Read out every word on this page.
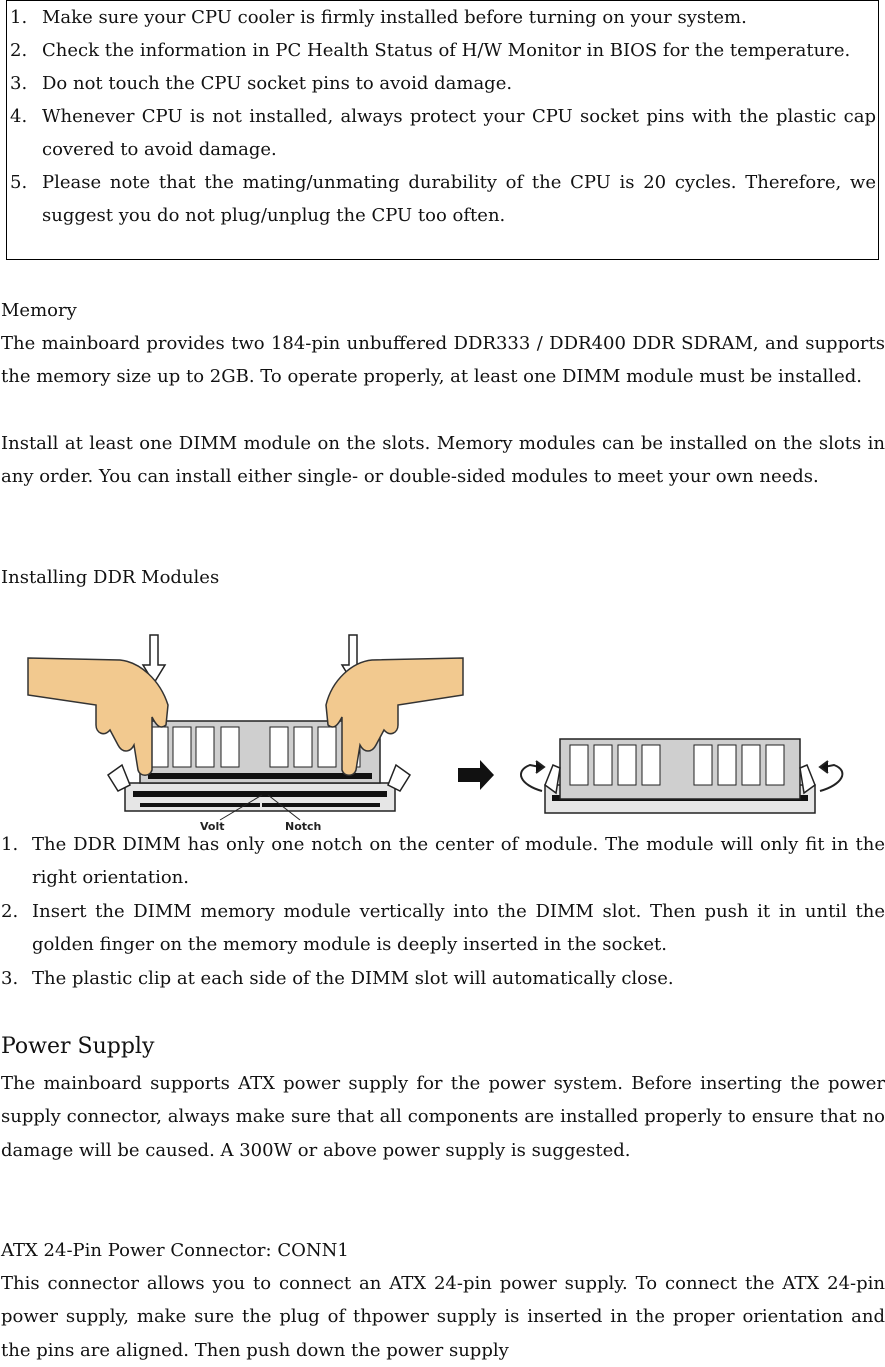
1. Make sure your CPU cooler is firmly installed before turning on your system.
2. Check the information in PC Health Status of H/W Monitor in BIOS for the temperature.
3. Do not touch the CPU socket pins to avoid damage.
4. Whenever CPU is not installed, always protect your CPU socket pins with the plastic cap covered to avoid damage.
5. Please note that the mating/unmating durability of the CPU is 20 cycles. Therefore, we suggest you do not plug/unplug the CPU too often.
Memory
The mainboard provides two 184-pin unbuffered DDR333 / DDR400 DDR SDRAM, and supports the memory size up to 2GB. To operate properly, at least one DIMM module must be installed.
Install at least one DIMM module on the slots. Memory modules can be installed on the slots in any order. You can install either single- or double-sided modules to meet your own needs.
Installing DDR Modules
Volt	Notch
1. The DDR DIMM has only one notch on the center of module. The module will only fit in the right orientation.
2. Insert the DIMM memory module vertically into the DIMM slot. Then push it in until the golden finger on the memory module is deeply inserted in the socket.
3. The plastic clip at each side of the DIMM slot will automatically close.
Power Supply
The mainboard supports ATX power supply for the power system. Before inserting the power supply connector, always make sure that all components are installed properly to ensure that no damage will be caused. A 300W or above power supply is suggested.
ATX 24-Pin Power Connector: CONN1
This connector allows you to connect an ATX 24-pin power supply. To connect the ATX 24-pin power supply, make sure the plug of thpower supply is inserted in the proper orientation and the pins are aligned. Then push down the power supply
